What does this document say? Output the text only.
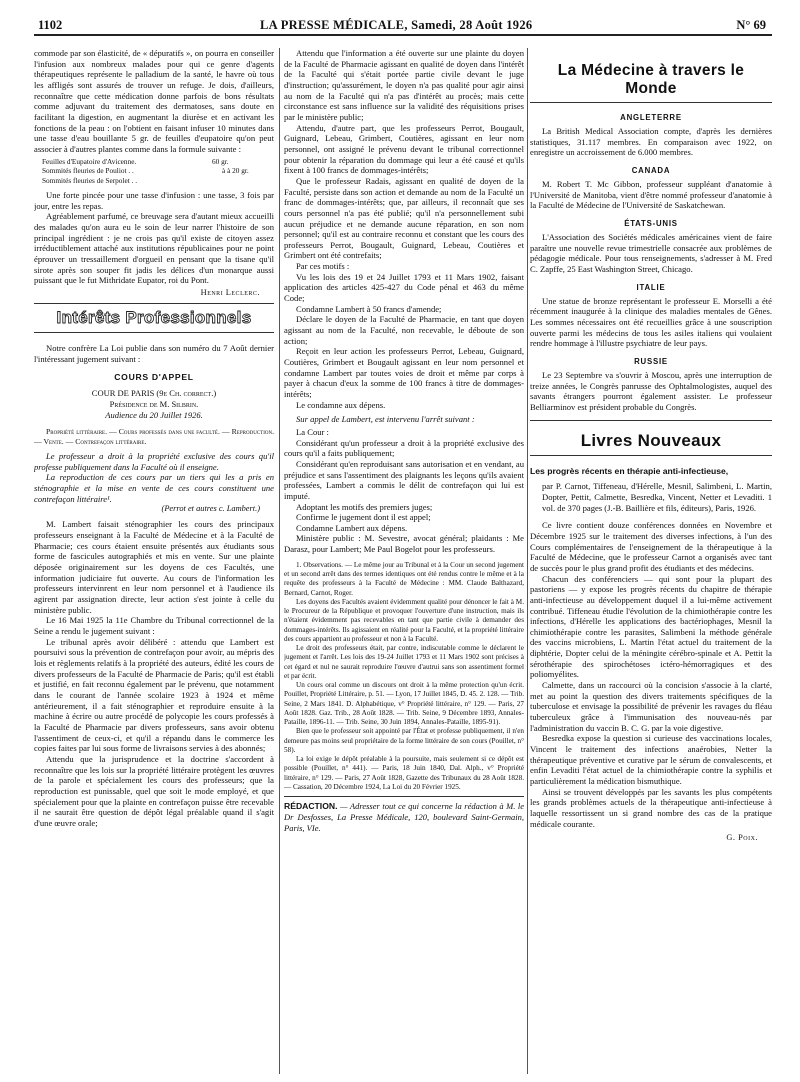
1102	LA PRESSE MÉDICALE, Samedi, 28 Août 1926	N° 69

commode par son élasticité, de « dépuratifs », on pourra en conseiller l'infusion aux nombreux malades pour qui ce genre d'agents thérapeutiques représente le palladium de la santé, le havre où tous les affligés sont assurés de trouver un refuge. Je dois, d'ailleurs, reconnaître que cette médication donne parfois de bons résultats comme adjuvant du traitement des dermatoses, sans doute en facilitant la digestion, en augmentant la diurèse et en activant les fonctions de la peau : on l'obtient en faisant infuser 10 minutes dans une tasse d'eau bouillante 5 gr. de feuilles d'eupatoire qu'on peut associer à d'autres plantes comme dans la formule suivante :

Feuilles d'Eupatoire d'Avicenne.	60 gr.
Sommités fleuries de Pouliot . .	à à 20 gr.
Sommités fleuries de Serpolet . .

Une forte pincée pour une tasse d'infusion : une tasse, 3 fois par jour, entre les repas.

Agréablement parfumé, ce breuvage sera d'autant mieux accueilli des malades qu'on aura eu le soin de leur narrer l'histoire de son principal ingrédient : je ne crois pas qu'il existe de citoyen assez irréductiblement attaché aux institutions républicaines pour ne point éprouver un tressaillement d'orgueil en pensant que la tisane qu'il sirote après son souper fit jadis les délices d'un monarque aussi puissant que le fut Mithridate Eupator, roi du Pont.

Henri Leclerc.
Intérêts Professionnels

Notre confrère La Loi publie dans son numéro du 7 Août dernier l'intéressant jugement suivant :

COURS D'APPEL
COUR DE PARIS (9e Ch. correct.)
Présidence de M. Silbrin.
Audience du 20 Juillet 1926.
Propriété littéraire. — Cours professés dans une faculté. — Reproduction. — Vente. — Contrefaçon littéraire.
Le professeur a droit à la propriété exclusive des cours qu'il professe publiquement dans la Faculté où il enseigne.
La reproduction de ces cours par un tiers qui les a pris en sténographie et la mise en vente de ces cours constituent une contrefaçon littéraire¹.
(Perrot et autres c. Lambert.)

M. Lambert faisait sténographier les cours des principaux professeurs enseignant à la Faculté de Médecine et à la Faculté de Pharmacie; ces cours étaient ensuite présentés aux étudiants sous forme de fascicules autographiés et mis en vente. Sur une plainte déposée originairement sur les doyens de ces Facultés, une information judiciaire fut ouverte. Au cours de l'information les professeurs intervinrent en leur nom personnel et à l'audience ils agirent par assignation directe, leur action s'est jointe à celle du ministère public.

Le 16 Mai 1925 la 11e Chambre du Tribunal correctionnel de la Seine a rendu le jugement suivant :

Le tribunal après avoir délibéré : attendu que Lambert est poursuivi sous la prévention de contrefaçon pour avoir, au mépris des lois et règlements relatifs à la propriété des auteurs, édité les cours de divers professeurs de la Faculté de Pharmacie de Paris; qu'il est établi et justifié, en fait reconnu également par le prévenu, que notamment dans le courant de l'année scolaire 1923 à 1924 et même antérieurement, il a fait sténographier et reproduire ensuite à la machine à écrire ou autre procédé de polycopie les cours professés à la Faculté de Pharmacie par divers professeurs, sans avoir obtenu l'assentiment de ceux-ci, et qu'il a répandu dans le commerce les copies faites par lui sous forme de livraisons servies à des abonnés;

Attendu que la jurisprudence et la doctrine s'accordent à reconnaître que les lois sur la propriété littéraire protègent les œuvres de la parole et spécialement les cours des professeurs; que la reproduction est punissable, quel que soit le mode employé, et que spécialement pour que la plainte en contrefaçon puisse être recevable il ne saurait être question de dépôt légal préalable quand il s'agit d'une œuvre orale;

Attendu que l'information a été ouverte sur une plainte du doyen de la Faculté de Pharmacie agissant en qualité de doyen dans l'intérêt de la Faculté qui s'était portée partie civile devant le juge d'instruction; qu'assurément, le doyen n'a pas qualité pour agir ainsi au nom de la Faculté qui n'a pas d'intérêt au procès; mais cette circonstance est sans influence sur la validité des réquisitions prises par le ministère public;

Attendu, d'autre part, que les professeurs Perrot, Bougault, Guignard, Lebeau, Grimbert, Coutières, agissant en leur nom personnel, ont assigné le prévenu devant le tribunal correctionnel pour obtenir la réparation du dommage qui leur a été causé et qu'ils fixent à 100 francs de dommages-intérêts;

Que le professeur Radais, agissant en qualité de doyen de la Faculté, persiste dans son action et demande au nom de la Faculté un franc de dommages-intérêts; que, par ailleurs, il reconnaît que ses cours personnel n'a pas été publié; qu'il n'a personnellement subi aucun préjudice et ne demande aucune réparation, en son nom personnel; qu'il est au contraire reconnu et constant que les cours des professeurs Perrot, Bougault, Guignard, Lebeau, Coutières et Grimbert ont été contrefaits;

Par ces motifs :

Vu les lois des 19 et 24 Juillet 1793 et 11 Mars 1902, faisant application des articles 425-427 du Code pénal et 463 du même Code;

Condamne Lambert à 50 francs d'amende;

Déclare le doyen de la Faculté de Pharmacie, en tant que doyen agissant au nom de la Faculté, non recevable, le déboute de son action;

Reçoit en leur action les professeurs Perrot, Lebeau, Guignard, Coutières, Grimbert et Bougault agissant en leur nom personnel et condamne Lambert par toutes voies de droit et même par corps à payer à chacun d'eux la somme de 100 francs à titre de dommages-intérêts;

Le condamne aux dépens.

Sur appel de Lambert, est intervenu l'arrêt suivant :

La Cour :

Considérant qu'un professeur a droit à la propriété exclusive des cours qu'il a faits publiquement;

Considérant qu'en reproduisant sans autorisation et en vendant, au préjudice et sans l'assentiment des plaignants les leçons qu'ils avaient professées, Lambert a commis le délit de contrefaçon qui lui est imputé.

Adoptant les motifs des premiers juges;

Confirme le jugement dont il est appel;

Condamne Lambert aux dépens.

Ministère public : M. Sevestre, avocat général; plaidants : Me Darasz, pour Lambert; Me Paul Bogelot pour les professeurs.

1. Observations. — Le même jour au Tribunal et à la Cour un second jugement et un second arrêt dans des termes identiques ont été rendus contre le même et à la requête des professeurs à la Faculté de Médecine : MM. Claude Balthazard, Bernard, Carnot, Roger.

Les doyens des Facultés avaient évidemment qualité pour dénoncer le fait à M. le Procureur de la République et provoquer l'ouverture d'une instruction, mais ils n'étaient évidemment pas recevables en tant que partie civile à demander des dommages-intérêts. Ils agissaient en réalité pour la Faculté, et la propriété littéraire des cours appartient au professeur et non à la Faculté.

Le droit des professeurs était, par contre, indiscutable comme le déclarent le jugement et l'arrêt. Les lois des 19-24 Juillet 1793 et 11 Mars 1902 sont précises à cet égard et nul ne saurait reproduire l'œuvre d'autrui sans son assentiment formel et par écrit.

Un cours oral comme un discours ont droit à la même protection qu'un écrit. Pouillet, Propriété Littéraire, p. 51. — Lyon, 17 Juillet 1845, D. 45. 2. 128. — Trib. Seine, 2 Mars 1841. D. Alphabétique, v° Propriété littéraire, n° 129. — Paris, 27 Août 1828. Gaz. Trib., 28 Août 1828. — Trib. Seine, 9 Décembre 1893, Annales-Pataille, 1896-11. — Trib. Seine, 30 Juin 1894, Annales-Pataille, 1895-91).

Bien que le professeur soit appointé par l'État et professe publiquement, il n'en demeure pas moins seul propriétaire de la forme littéraire de son cours (Pouillet, n° 58).

La loi exige le dépôt préalable à la poursuite, mais seulement si ce dépôt est possible (Pouillet, n° 441). — Paris, 18 Juin 1840, Dal. Alph., v° Propriété littéraire, n° 129. — Paris, 27 Août 1828, Gazette des Tribunaux du 28 Août 1828. — Cassation, 20 Décembre 1924, La Loi du 20 Février 1925.

RÉDACTION. — Adresser tout ce qui concerne la rédaction à M. le Dr Desfosses, La Presse Médicale, 120, boulevard Saint-Germain, Paris, VIe.
La Médecine à travers le Monde
ANGLETERRE

La British Medical Association compte, d'après les dernières statistiques, 31.117 membres. En comparaison avec 1922, on enregistre un accroissement de 6.000 membres.

CANADA

M. Robert T. Mc Gibbon, professeur suppléant d'anatomie à l'Université de Manitoba, vient d'être nommé professeur d'anatomie à la Faculté de Médecine de l'Université de Saskatchewan.

ÉTATS-UNIS

L'Association des Sociétés médicales américaines vient de faire paraître une nouvelle revue trimestrielle consacrée aux problèmes de pédagogie médicale. Pour tous renseignements, s'adresser à M. Fred C. Zapffe, 25 East Washington Street, Chicago.

ITALIE

Une statue de bronze représentant le professeur E. Morselli a été récemment inaugurée à la clinique des maladies mentales de Gênes. Les sommes nécessaires ont été recueillies grâce à une souscription ouverte parmi les médecins de tous les asiles italiens qui voulaient rendre hommage à l'illustre psychiatre de leur pays.

RUSSIE

Le 23 Septembre va s'ouvrir à Moscou, après une interruption de treize années, le Congrès panrusse des Ophtalmologistes, auquel des savants étrangers pourront également assister. Le professeur Belliarminov est président probable du Congrès.

Livres Nouveaux
Les progrès récents en thérapie anti-infectieuse,
par P. Carnot, Tiffeneau, d'Hérelle, Mesnil, Salimbeni, L. Martin, Dopter, Pettit, Calmette, Besredka, Vincent, Netter et Levaditi. 1 vol. de 370 pages (J.-B. Baillière et fils, éditeurs), Paris, 1926.

Ce livre contient douze conférences données en Novembre et Décembre 1925 sur le traitement des diverses infections, à l'un des Cours complémentaires de l'enseignement de la thérapeutique à la Faculté de Médecine, que le professeur Carnot a organisés avec tant de succès pour le plus grand profit des étudiants et des médecins.

Chacun des conférenciers — qui sont pour la plupart des pastoriens — y expose les progrès récents du chapitre de thérapie anti-infectieuse au développement duquel il a lui-même activement contribué. Tiffeneau étudie l'évolution de la chimiothérapie contre les infections, d'Hérelle les applications des bactériophages, Mesnil la chimiothérapie contre les parasites, Salimbeni la méthode générale des vaccins microbiens, L. Martin l'état actuel du traitement de la diphtérie, Dopter celui de la méningite cérébro-spinale et A. Pettit la sérothérapie des spirochétoses ictéro-hémorragiques et des poliomyélites.

Calmette, dans un raccourci où la concision s'associe à la clarté, met au point la question des divers traitements spécifiques de la tuberculose et envisage la possibilité de prévenir les ravages du fléau tuberculeux grâce à l'immunisation des nouveau-nés par l'administration du vaccin B. C. G. par la voie digestive.

Besredka expose la question si curieuse des vaccinations locales, Vincent le traitement des infections anaérobies, Netter la thérapeutique préventive et curative par le sérum de convalescents, et enfin Levaditi l'état actuel de la chimiothérapie contre la syphilis et particulièrement la médication bismuthique.

Ainsi se trouvent développés par les savants les plus compétents les grands problèmes actuels de la thérapeutique anti-infectieuse à laquelle ressortissent un si grand nombre des cas de la pratique médicale courante.

G. Poix.
